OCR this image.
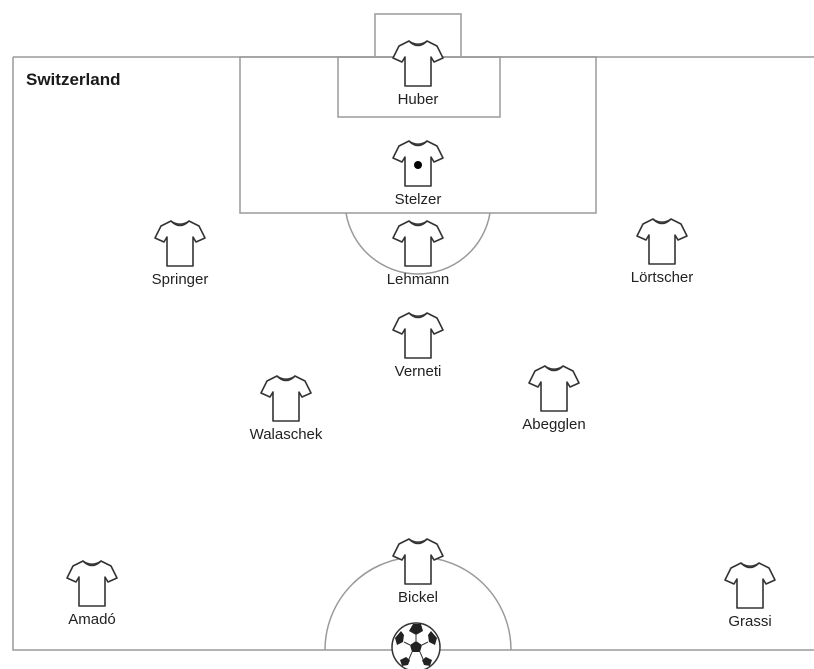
Switzerland
Huber
Stelzer
Springer	Lehmann	Lörtscher
Verneti
Walaschek
Abegglen
Bickel
Amadó	Grassi
